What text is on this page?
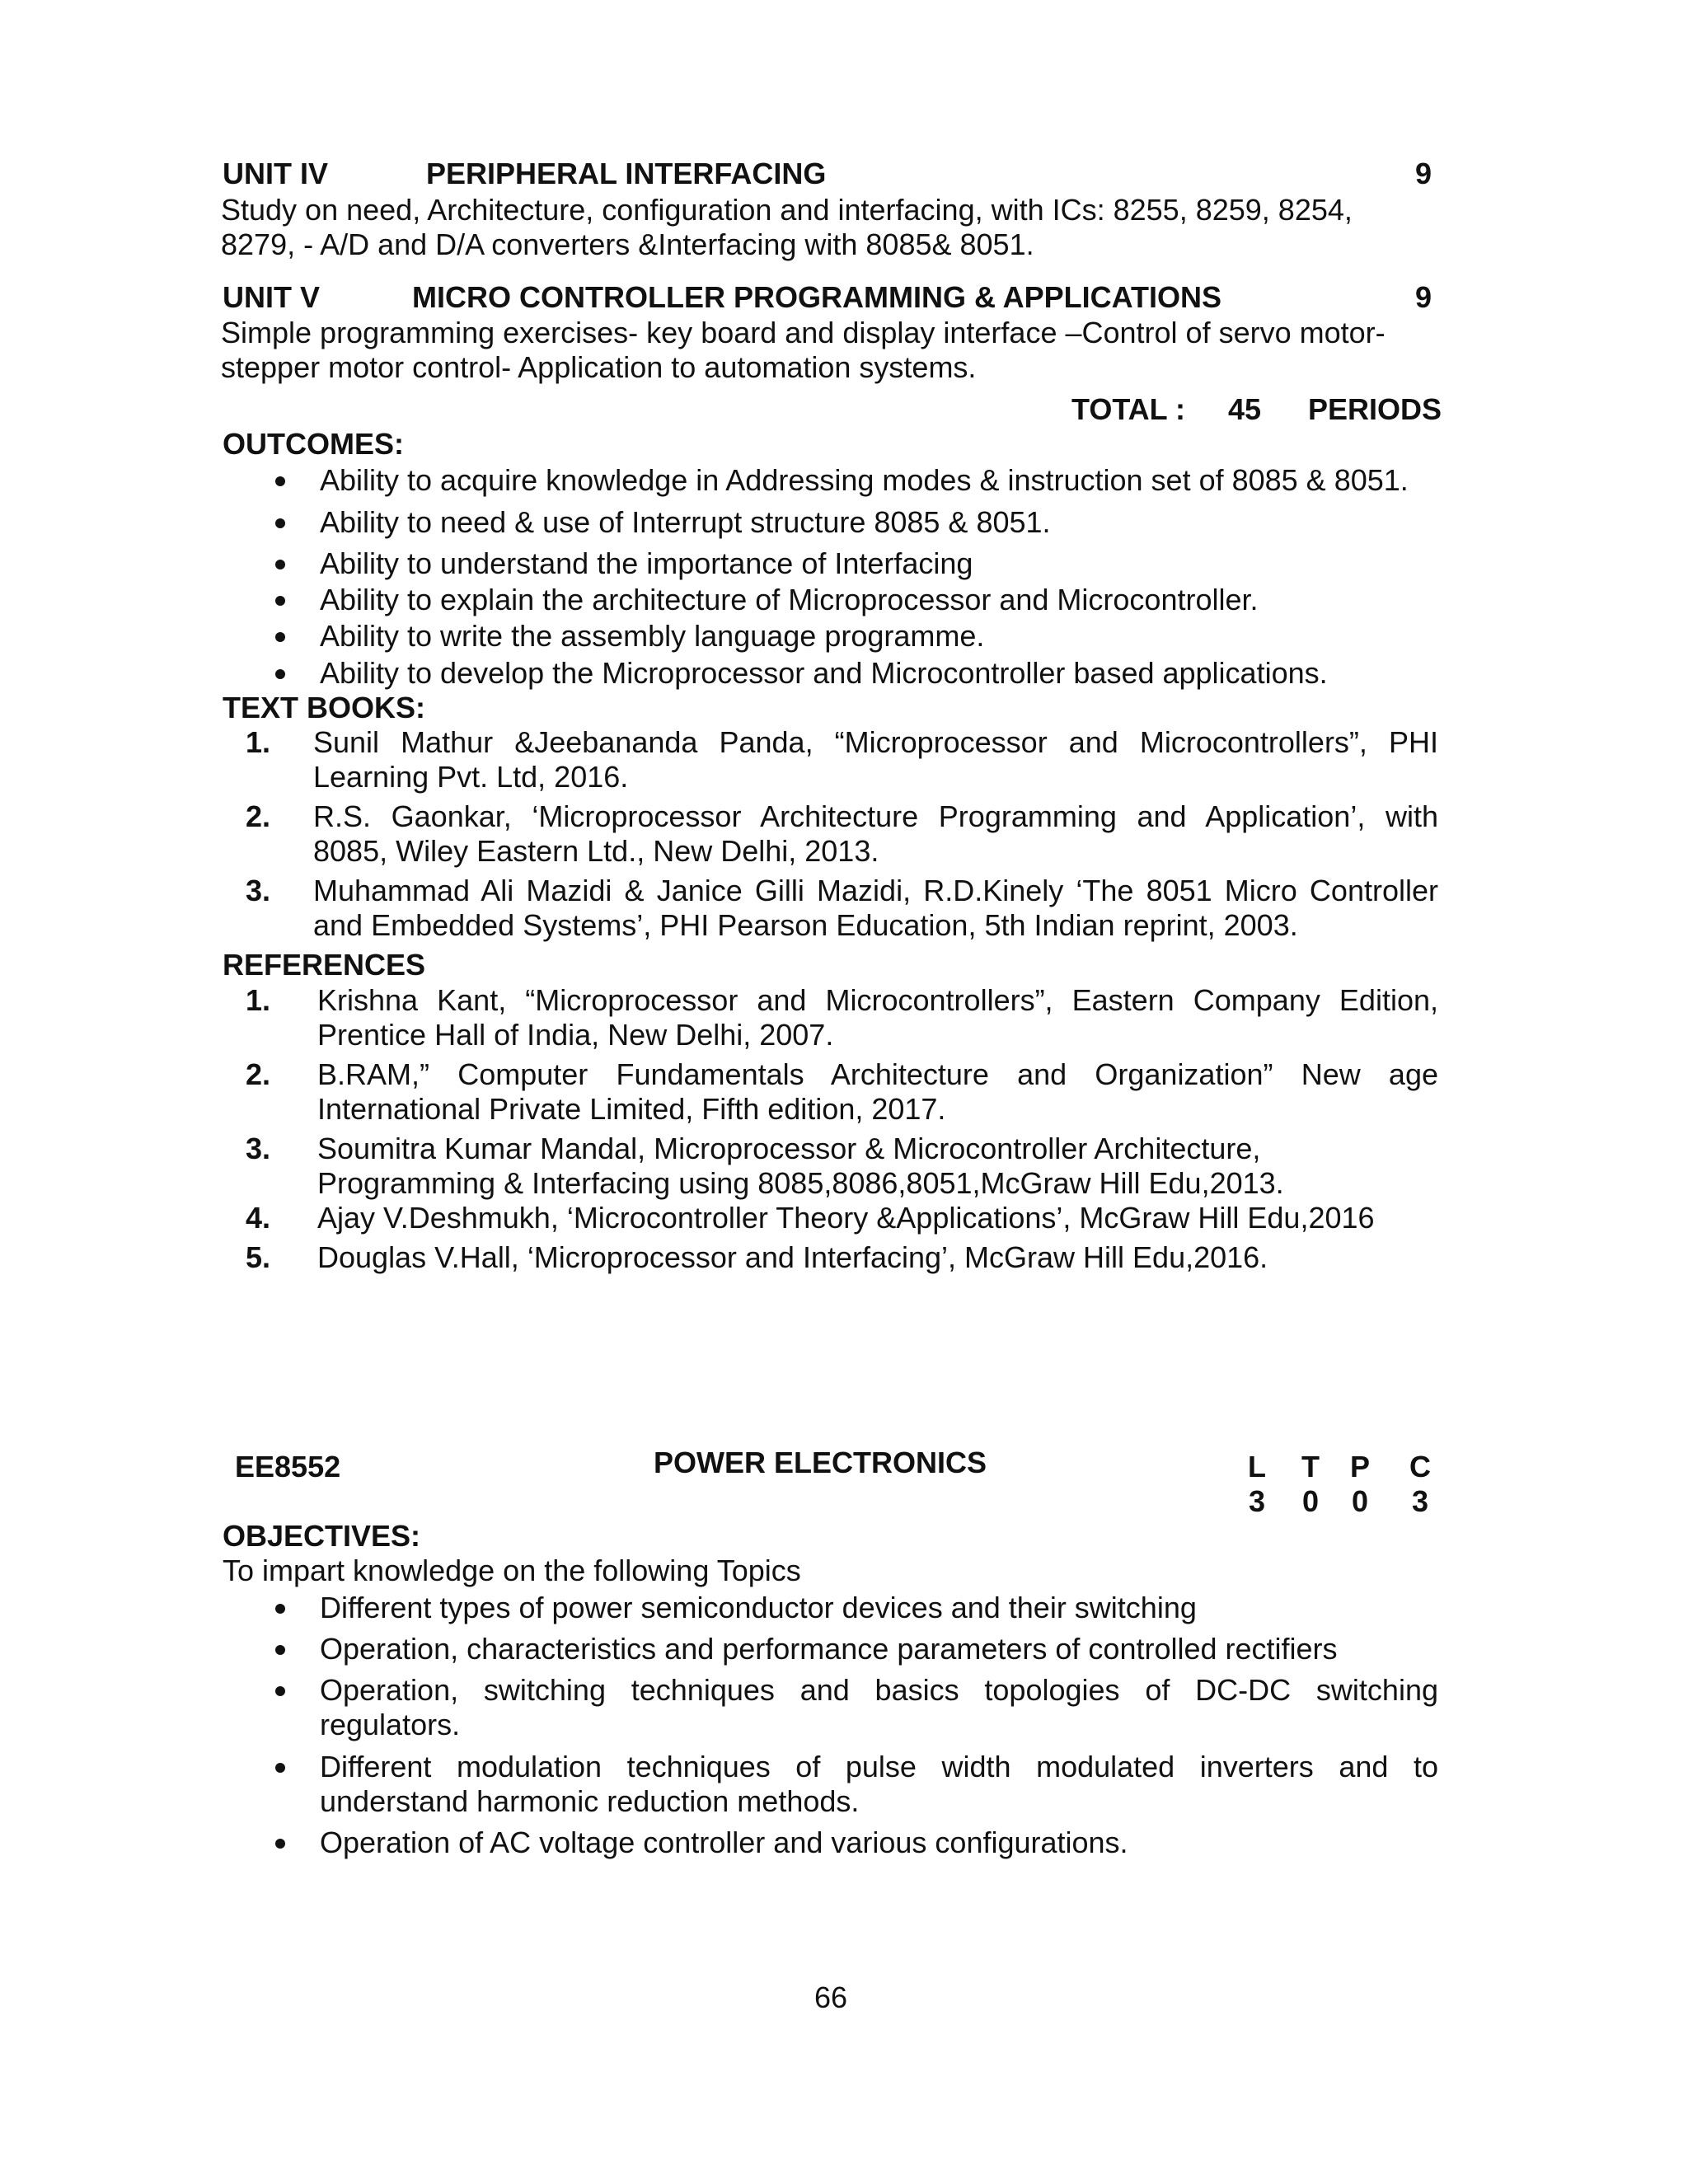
UNIT IV	PERIPHERAL INTERFACING	9
Study on need, Architecture, configuration and interfacing, with ICs: 8255, 8259, 8254,
8279, - A/D and D/A converters &Interfacing with 8085& 8051.
UNIT V	MICRO CONTROLLER PROGRAMMING & APPLICATIONS	9
Simple programming exercises- key board and display interface –Control of servo motor-
stepper motor control- Application to automation systems.
TOTAL : 45 PERIODS
OUTCOMES:
Ability to acquire knowledge in Addressing modes & instruction set of 8085 & 8051.
Ability to need & use of Interrupt structure 8085 & 8051.
Ability to understand the importance of Interfacing
Ability to explain the architecture of Microprocessor and Microcontroller.
Ability to write the assembly language programme.
Ability to develop the Microprocessor and Microcontroller based applications.
TEXT BOOKS:
1. Sunil Mathur &Jeebananda Panda, “Microprocessor and Microcontrollers”, PHI
Learning Pvt. Ltd, 2016.
2. R.S. Gaonkar, ‘Microprocessor Architecture Programming and Application’, with
8085, Wiley Eastern Ltd., New Delhi, 2013.
3. Muhammad Ali Mazidi & Janice Gilli Mazidi, R.D.Kinely ‘The 8051 Micro Controller
and Embedded Systems’, PHI Pearson Education, 5th Indian reprint, 2003.
REFERENCES
1. Krishna Kant, “Microprocessor and Microcontrollers”, Eastern Company Edition,
Prentice Hall of India, New Delhi, 2007.
2. B.RAM,” Computer Fundamentals Architecture and Organization” New age
International Private Limited, Fifth edition, 2017.
3. Soumitra Kumar Mandal, Microprocessor & Microcontroller Architecture,
Programming & Interfacing using 8085,8086,8051,McGraw Hill Edu,2013.
4. Ajay V.Deshmukh, ‘Microcontroller Theory &Applications’, McGraw Hill Edu,2016
5. Douglas V.Hall, ‘Microprocessor and Interfacing’, McGraw Hill Edu,2016.
EE8552	POWER ELECTRONICS	L	T	P	C
3	0	0	3
OBJECTIVES:
To impart knowledge on the following Topics
Different types of power semiconductor devices and their switching
Operation, characteristics and performance parameters of controlled rectifiers
Operation, switching techniques and basics topologies of DC-DC switching
regulators.
Different modulation techniques of pulse width modulated inverters and to
understand harmonic reduction methods.
Operation of AC voltage controller and various configurations.
66
